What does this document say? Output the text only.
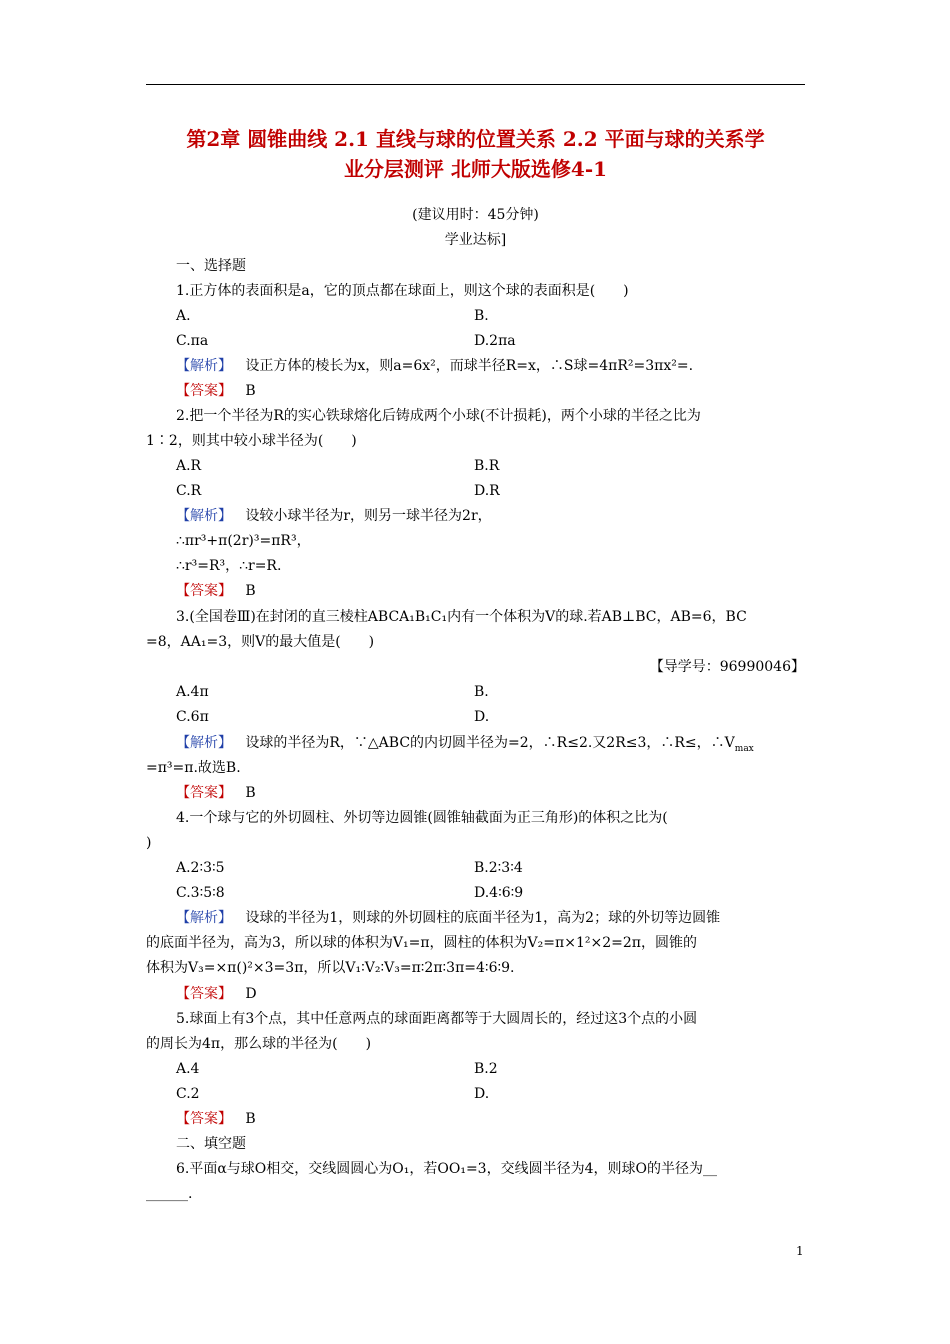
第2章 圆锥曲线 2.1 直线与球的位置关系 2.2 平面与球的关系学
业分层测评 北师大版选修4-1
(建议用时：45分钟)
学业达标]
一、选择题
1.正方体的表面积是a，它的顶点都在球面上，则这个球的表面积是(　　)
A.	B.
C.πa	D.2πa
【解析】 设正方体的棱长为x，则a=6x²，而球半径R=x，∴S球=4πR²=3πx²=.
【答案】 B
2.把一个半径为R的实心铁球熔化后铸成两个小球(不计损耗)，两个小球的半径之比为
1∶2，则其中较小球半径为(　　)
A.R	B.R
C.R	D.R
【解析】 设较小球半径为r，则另一球半径为2r，
∴πr³+π(2r)³=πR³，
∴r³=R³，∴r=R.
【答案】 B
3.(全国卷Ⅲ)在封闭的直三棱柱ABCA₁B₁C₁内有一个体积为V的球.若AB⊥BC，AB=6，BC
=8，AA₁=3，则V的最大值是(　　)
【导学号：96990046】
A.4π	B.
C.6π	D.
【解析】 设球的半径为R，∵△ABC的内切圆半径为=2，∴R≤2.又2R≤3，∴R≤，$\therefore V_{max}$
=π³=π.故选B.
【答案】 B
4.一个球与它的外切圆柱、外切等边圆锥(圆锥轴截面为正三角形)的体积之比为(
)
A.2∶3∶5	B.2∶3∶4
C.3∶5∶8	D.4∶6∶9
【解析】 设球的半径为1，则球的外切圆柱的底面半径为1，高为2；球的外切等边圆锥
的底面半径为，高为3，所以球的体积为V₁=π，圆柱的体积为V₂=π×1²×2=2π，圆锥的
体积为V₃=×π()²×3=3π，所以V₁∶V₂∶V₃=π∶2π∶3π=4∶6∶9.
【答案】 D
5.球面上有3个点，其中任意两点的球面距离都等于大圆周长的，经过这3个点的小圆
的周长为4π，那么球的半径为(　　)
A.4	B.2
C.2	D.
【答案】 B
二、填空题
6.平面α与球O相交，交线圆圆心为O₁，若OO₁=3，交线圆半径为4，则球O的半径为__
______.
1
